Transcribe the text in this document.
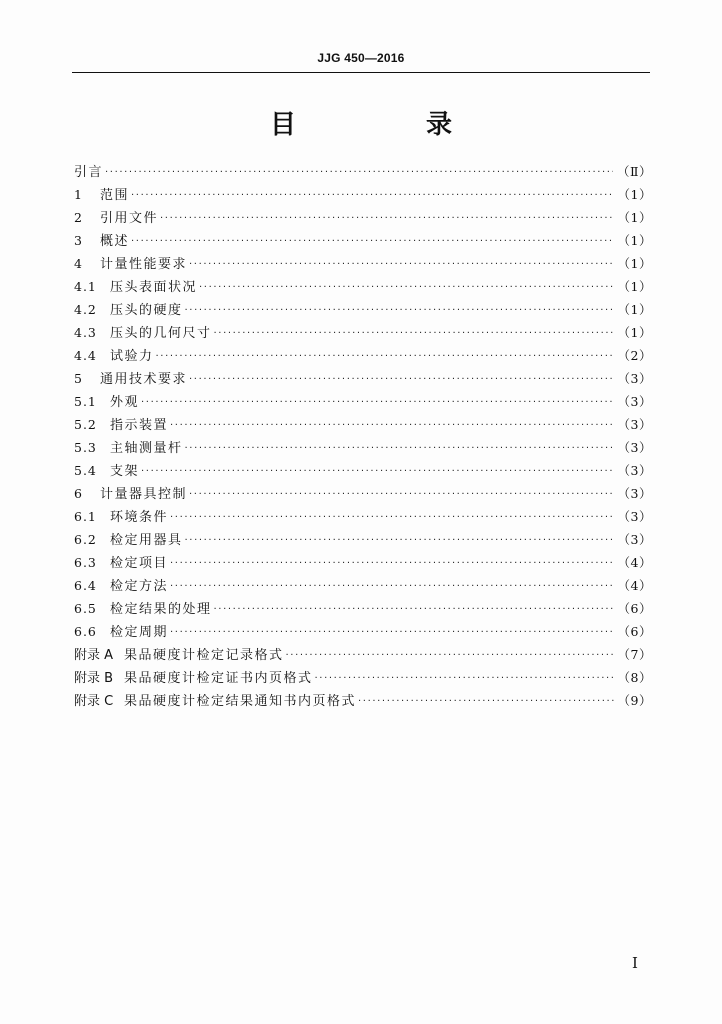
JJG 450—2016
目　录
引言 ·····	（Ⅱ）
1	范围 ·····	（1）
2	引用文件 ·····	（1）
3	概述 ·····	（1）
4	计量性能要求 ·····	（1）
4.1	压头表面状况 ·····	（1）
4.2	压头的硬度 ·····	（1）
4.3	压头的几何尺寸 ·····	（1）
4.4	试验力 ·····	（2）
5	通用技术要求 ·····	（3）
5.1	外观 ·····	（3）
5.2	指示装置 ·····	（3）
5.3	主轴测量杆 ·····	（3）
5.4	支架 ·····	（3）
6	计量器具控制 ·····	（3）
6.1	环境条件 ·····	（3）
6.2	检定用器具 ·····	（3）
6.3	检定项目 ·····	（4）
6.4	检定方法 ·····	（4）
6.5	检定结果的处理 ·····	（6）
6.6	检定周期 ·····	（6）
附录 A 果品硬度计检定记录格式 ·····	（7）
附录 B 果品硬度计检定证书内页格式 ·····	（8）
附录 C 果品硬度计检定结果通知书内页格式 ·····	（9）
I
